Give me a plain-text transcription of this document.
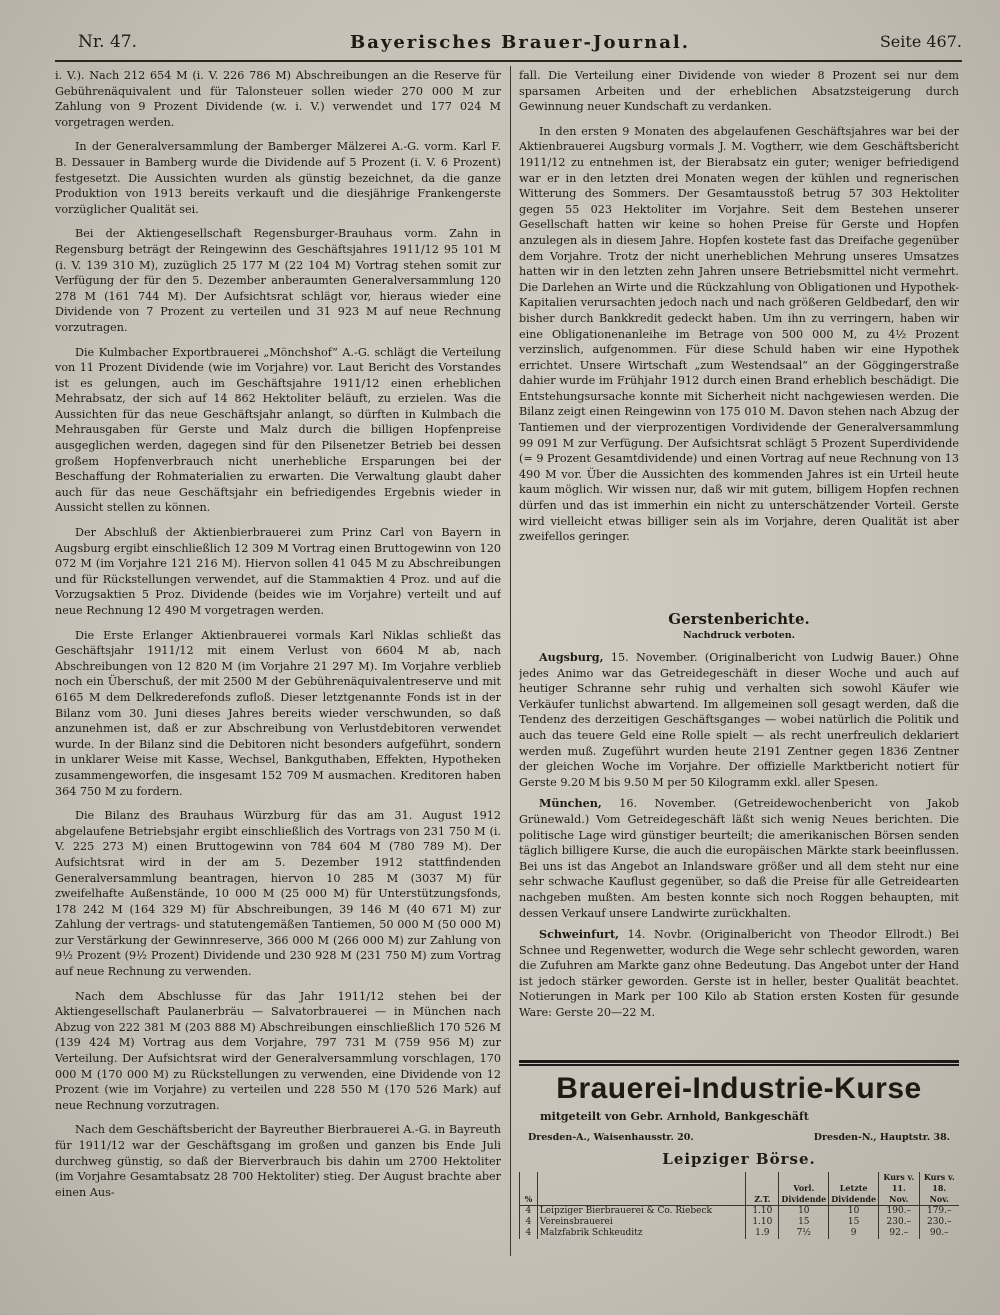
Nr. 47.	Bayerisches Brauer-Journal.	Seite 467.

i. V.). Nach 212 654 M (i. V. 226 786 M) Abschreibungen an die Reserve für Gebührenäquivalent und für Talonsteuer sollen wieder 270 000 M zur Zahlung von 9 Prozent Dividende (w. i. V.) verwendet und 177 024 M vorgetragen werden.

In der Generalversammlung der Bamberger Mälzerei A.-G. vorm. Karl F. B. Dessauer in Bamberg wurde die Dividende auf 5 Prozent (i. V. 6 Prozent) festgesetzt. Die Aussichten wurden als günstig bezeichnet, da die ganze Produktion von 1913 bereits verkauft und die diesjährige Frankengerste vorzüglicher Qualität sei.

Bei der Aktiengesellschaft Regensburger-Brauhaus vorm. Zahn in Regensburg beträgt der Reingewinn des Geschäftsjahres 1911/12 95 101 M (i. V. 139 310 M), zuzüglich 25 177 M (22 104 M) Vortrag stehen somit zur Verfügung der für den 5. Dezember anberaumten Generalversammlung 120 278 M (161 744 M). Der Aufsichtsrat schlägt vor, hieraus wieder eine Dividende von 7 Prozent zu verteilen und 31 923 M auf neue Rechnung vorzutragen.

Die Kulmbacher Exportbrauerei „Mönchshof“ A.-G. schlägt die Verteilung von 11 Prozent Dividende (wie im Vorjahre) vor. Laut Bericht des Vorstandes ist es gelungen, auch im Geschäftsjahre 1911/12 einen erheblichen Mehrabsatz, der sich auf 14 862 Hektoliter beläuft, zu erzielen. Was die Aussichten für das neue Geschäftsjahr anlangt, so dürften in Kulmbach die Mehrausgaben für Gerste und Malz durch die billigen Hopfenpreise ausgeglichen werden, dagegen sind für den Pilsenetzer Betrieb bei dessen großem Hopfenverbrauch nicht unerhebliche Ersparungen bei der Beschaffung der Rohmaterialien zu erwarten. Die Verwaltung glaubt daher auch für das neue Geschäftsjahr ein befriedigendes Ergebnis wieder in Aussicht stellen zu können.

Der Abschluß der Aktienbierbrauerei zum Prinz Carl von Bayern in Augsburg ergibt einschließlich 12 309 M Vortrag einen Bruttogewinn von 120 072 M (im Vorjahre 121 216 M). Hiervon sollen 41 045 M zu Abschreibungen und für Rückstellungen verwendet, auf die Stammaktien 4 Proz. und auf die Vorzugsaktien 5 Proz. Dividende (beides wie im Vorjahre) verteilt und auf neue Rechnung 12 490 M vorgetragen werden.

Die Erste Erlanger Aktienbrauerei vormals Karl Niklas schließt das Geschäftsjahr 1911/12 mit einem Verlust von 6604 M ab, nach Abschreibungen von 12 820 M (im Vorjahre 21 297 M). Im Vorjahre verblieb noch ein Überschuß, der mit 2500 M der Gebührenäquivalentreserve und mit 6165 M dem Delkrederefonds zufloß. Dieser letztgenannte Fonds ist in der Bilanz vom 30. Juni dieses Jahres bereits wieder verschwunden, so daß anzunehmen ist, daß er zur Abschreibung von Verlustdebitoren verwendet wurde. In der Bilanz sind die Debitoren nicht besonders aufgeführt, sondern in unklarer Weise mit Kasse, Wechsel, Bankguthaben, Effekten, Hypotheken zusammengeworfen, die insgesamt 152 709 M ausmachen. Kreditoren haben 364 750 M zu fordern.

Die Bilanz des Brauhaus Würzburg für das am 31. August 1912 abgelaufene Betriebsjahr ergibt einschließlich des Vortrags von 231 750 M (i. V. 225 273 M) einen Bruttogewinn von 784 604 M (780 789 M). Der Aufsichtsrat wird in der am 5. Dezember 1912 stattfindenden Generalversammlung beantragen, hiervon 10 285 M (3037 M) für zweifelhafte Außenstände, 10 000 M (25 000 M) für Unterstützungsfonds, 178 242 M (164 329 M) für Abschreibungen, 39 146 M (40 671 M) zur Zahlung der vertrags- und statutengemäßen Tantiemen, 50 000 M (50 000 M) zur Verstärkung der Gewinnreserve, 366 000 M (266 000 M) zur Zahlung von 9½ Prozent (9½ Prozent) Dividende und 230 928 M (231 750 M) zum Vortrag auf neue Rechnung zu verwenden.

Nach dem Abschlusse für das Jahr 1911/12 stehen bei der Aktiengesellschaft Paulanerbräu — Salvatorbrauerei — in München nach Abzug von 222 381 M (203 888 M) Abschreibungen einschließlich 170 526 M (139 424 M) Vortrag aus dem Vorjahre, 797 731 M (759 956 M) zur Verteilung. Der Aufsichtsrat wird der Generalversammlung vorschlagen, 170 000 M (170 000 M) zu Rückstellungen zu verwenden, eine Dividende von 12 Prozent (wie im Vorjahre) zu verteilen und 228 550 M (170 526 Mark) auf neue Rechnung vorzutragen.

Nach dem Geschäftsbericht der Bayreuther Bierbrauerei A.-G. in Bayreuth für 1911/12 war der Geschäftsgang im großen und ganzen bis Ende Juli durchweg günstig, so daß der Bierverbrauch bis dahin um 2700 Hektoliter (im Vorjahre Gesamtabsatz 28 700 Hektoliter) stieg. Der August brachte aber einen Aus-

fall. Die Verteilung einer Dividende von wieder 8 Prozent sei nur dem sparsamen Arbeiten und der erheblichen Absatzsteigerung durch Gewinnung neuer Kundschaft zu verdanken.

In den ersten 9 Monaten des abgelaufenen Geschäftsjahres war bei der Aktienbrauerei Augsburg vormals J. M. Vogtherr, wie dem Geschäftsbericht 1911/12 zu entnehmen ist, der Bierabsatz ein guter; weniger befriedigend war er in den letzten drei Monaten wegen der kühlen und regnerischen Witterung des Sommers. Der Gesamtausstoß betrug 57 303 Hektoliter gegen 55 023 Hektoliter im Vorjahre. Seit dem Bestehen unserer Gesellschaft hatten wir keine so hohen Preise für Gerste und Hopfen anzulegen als in diesem Jahre. Hopfen kostete fast das Dreifache gegenüber dem Vorjahre. Trotz der nicht unerheblichen Mehrung unseres Umsatzes hatten wir in den letzten zehn Jahren unsere Betriebsmittel nicht vermehrt. Die Darlehen an Wirte und die Rückzahlung von Obligationen und Hypothek-Kapitalien verursachten jedoch nach und nach größeren Geldbedarf, den wir bisher durch Bankkredit gedeckt haben. Um ihn zu verringern, haben wir eine Obligationenanleihe im Betrage von 500 000 M, zu 4½ Prozent verzinslich, aufgenommen. Für diese Schuld haben wir eine Hypothek errichtet. Unsere Wirtschaft „zum Westendsaal“ an der Göggingerstraße dahier wurde im Frühjahr 1912 durch einen Brand erheblich beschädigt. Die Entstehungsursache konnte mit Sicherheit nicht nachgewiesen werden. Die Bilanz zeigt einen Reingewinn von 175 010 M. Davon stehen nach Abzug der Tantiemen und der vierprozentigen Vordividende der Generalversammlung 99 091 M zur Verfügung. Der Aufsichtsrat schlägt 5 Prozent Superdividende (= 9 Prozent Gesamtdividende) und einen Vortrag auf neue Rechnung von 13 490 M vor. Über die Aussichten des kommenden Jahres ist ein Urteil heute kaum möglich. Wir wissen nur, daß wir mit gutem, billigem Hopfen rechnen dürfen und das ist immerhin ein nicht zu unterschätzender Vorteil. Gerste wird vielleicht etwas billiger sein als im Vorjahre, deren Qualität ist aber zweifellos geringer.

Gerstenberichte.
Nachdruck verboten.

Augsburg, 15. November. (Originalbericht von Ludwig Bauer.) Ohne jedes Animo war das Getreidegeschäft in dieser Woche und auch auf heutiger Schranne sehr ruhig und verhalten sich sowohl Käufer wie Verkäufer tunlichst abwartend. Im allgemeinen soll gesagt werden, daß die Tendenz des derzeitigen Geschäftsganges — wobei natürlich die Politik und auch das teuere Geld eine Rolle spielt — als recht unerfreulich deklariert werden muß. Zugeführt wurden heute 2191 Zentner gegen 1836 Zentner der gleichen Woche im Vorjahre. Der offizielle Marktbericht notiert für Gerste 9.20 M bis 9.50 M per 50 Kilogramm exkl. aller Spesen.

München, 16. November. (Getreidewochenbericht von Jakob Grünewald.) Vom Getreidegeschäft läßt sich wenig Neues berichten. Die politische Lage wird günstiger beurteilt; die amerikanischen Börsen senden täglich billigere Kurse, die auch die europäischen Märkte stark beeinflussen. Bei uns ist das Angebot an Inlandsware größer und all dem steht nur eine sehr schwache Kauflust gegenüber, so daß die Preise für alle Getreidearten nachgeben mußten. Am besten konnte sich noch Roggen behaupten, mit dessen Verkauf unsere Landwirte zurückhalten.

Schweinfurt, 14. Novbr. (Originalbericht von Theodor Ellrodt.) Bei Schnee und Regenwetter, wodurch die Wege sehr schlecht geworden, waren die Zufuhren am Markte ganz ohne Bedeutung. Das Angebot unter der Hand ist jedoch stärker geworden. Gerste ist in heller, bester Qualität beachtet. Notierungen in Mark per 100 Kilo ab Station ersten Kosten für gesunde Ware: Gerste 20—22 M.

Brauerei-Industrie-Kurse
mitgeteilt von Gebr. Arnhold, Bankgeschäft
Dresden-A., Waisenhausstr. 20.	Dresden-N., Hauptstr. 38.
Leipziger Börse.
%		Z.T.	Vorl. Dividende	Letzte Dividende	Kurs v. 11. Nov.	Kurs v. 18. Nov.
4	Leipziger Bierbrauerei & Co. Riebeck	1.10	10	10	190.–	179.–
4	Vereinsbrauerei	1.10	15	15	230.–	230.–
4	Malzfabrik Schkeuditz	1.9	7½	9	92.–	90.–
